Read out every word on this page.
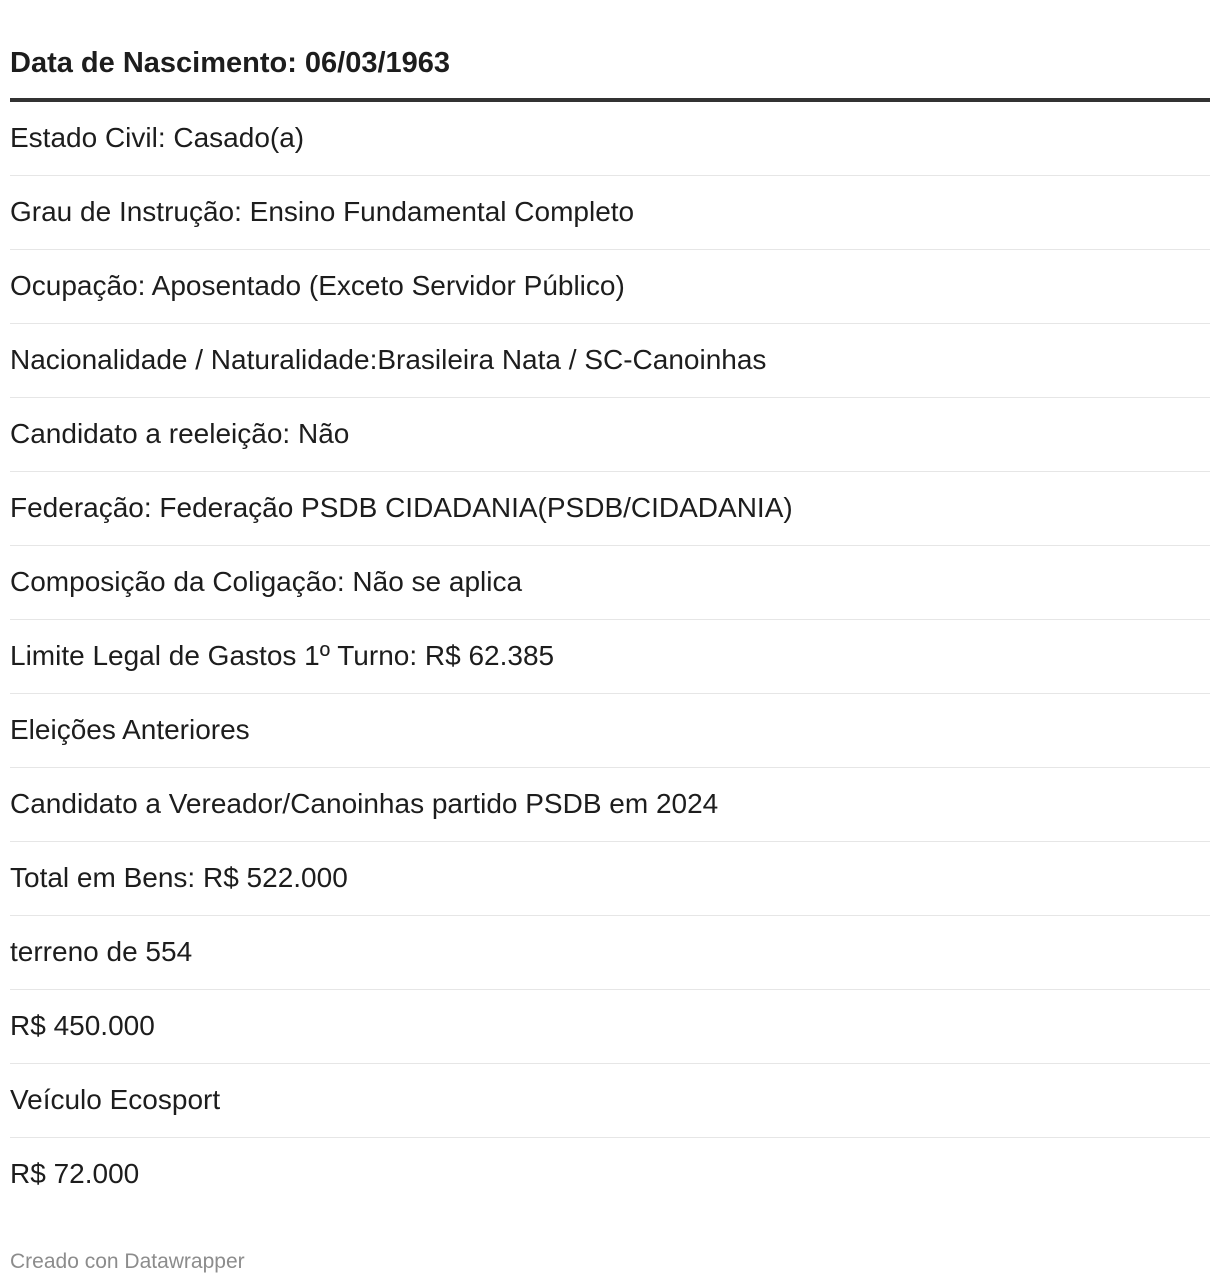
Data de Nascimento: 06/03/1963
Estado Civil: Casado(a)
Grau de Instrução: Ensino Fundamental Completo
Ocupação: Aposentado (Exceto Servidor Público)
Nacionalidade / Naturalidade:Brasileira Nata / SC-Canoinhas
Candidato a reeleição: Não
Federação: Federação PSDB CIDADANIA(PSDB/CIDADANIA)
Composição da Coligação: Não se aplica
Limite Legal de Gastos 1º Turno: R$ 62.385
Eleições Anteriores
Candidato a Vereador/Canoinhas partido PSDB em 2024
Total em Bens: R$ 522.000
terreno de 554
R$ 450.000
Veículo Ecosport
R$ 72.000
Creado con Datawrapper
